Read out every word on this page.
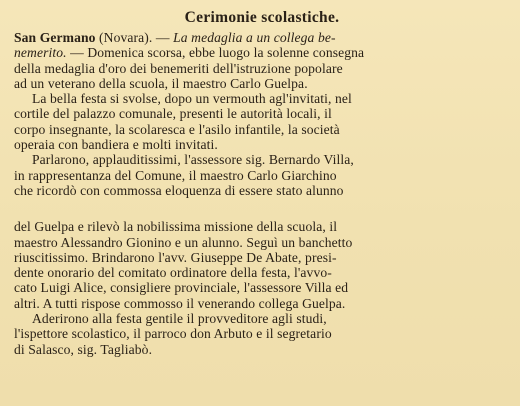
Cerimonie scolastiche.
San Germano (Novara). — La medaglia a un collega be-
nemerito. — Domenica scorsa, ebbe luogo la solenne consegna
della medaglia d'oro dei benemeriti dell'istruzione popolare
ad un veterano della scuola, il maestro Carlo Guelpa.
La bella festa si svolse, dopo un vermouth agl'invitati, nel
cortile del palazzo comunale, presenti le autorità locali, il
corpo insegnante, la scolaresca e l'asilo infantile, la società
operaia con bandiera e molti invitati.
Parlarono, applauditissimi, l'assessore sig. Bernardo Villa,
in rappresentanza del Comune, il maestro Carlo Giarchino
che ricordò con commossa eloquenza di essere stato alunno
del Guelpa e rilevò la nobilissima missione della scuola, il
maestro Alessandro Gionino e un alunno. Seguì un banchetto
riuscitissimo. Brindarono l'avv. Giuseppe De Abate, presi-
dente onorario del comitato ordinatore della festa, l'avvo-
cato Luigi Alice, consigliere provinciale, l'assessore Villa ed
altri. A tutti rispose commosso il venerando collega Guelpa.
Aderirono alla festa gentile il provveditore agli studi,
l'ispettore scolastico, il parroco don Arbuto e il segretario
di Salasco, sig. Tagliabò.
